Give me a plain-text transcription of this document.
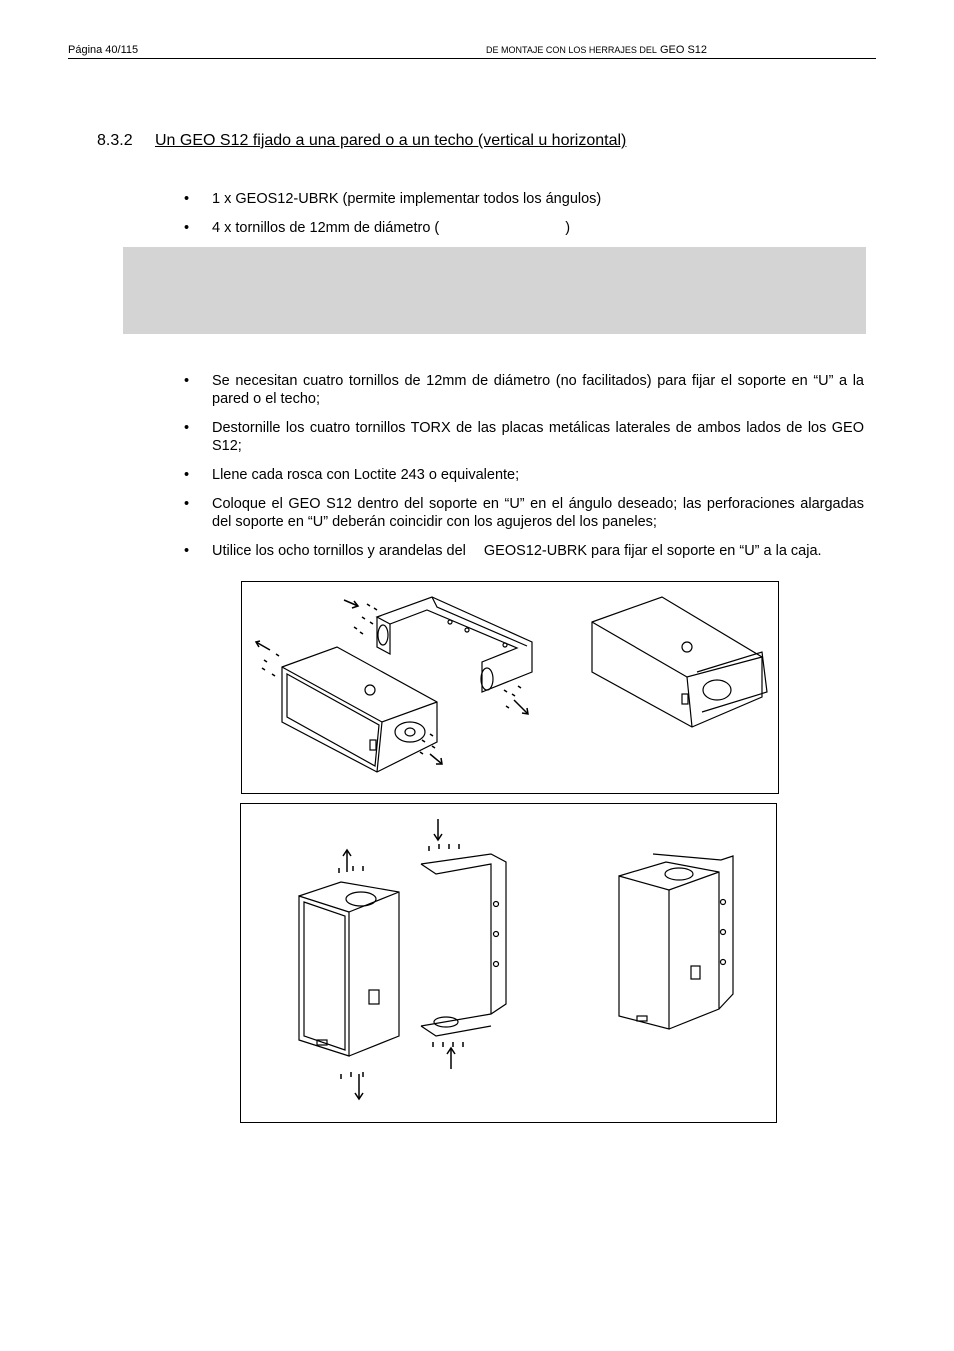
Página 40/115	DE MONTAJE CON LOS HERRAJES DEL GEO S12
8.3.2 Un GEO S12 fijado a una pared o a un techo (vertical u horizontal)
• 1 x GEOS12-UBRK (permite implementar todos los ángulos)
• 4 x tornillos de 12mm de diámetro (	)
• Se necesitan cuatro tornillos de 12mm de diámetro (no facilitados) para fijar el soporte en “U” a la pared o el techo;
• Destornille los cuatro tornillos TORX de las placas metálicas laterales de ambos lados de los GEO S12;
• Llene cada rosca con Loctite 243 o equivalente;
• Coloque el GEO S12 dentro del soporte en “U” en el ángulo deseado; las perforaciones alargadas del soporte en “U” deberán coincidir con los agujeros del los paneles;
• Utilice los ocho tornillos y arandelas del GEOS12-UBRK para fijar el soporte en “U” a la caja.
